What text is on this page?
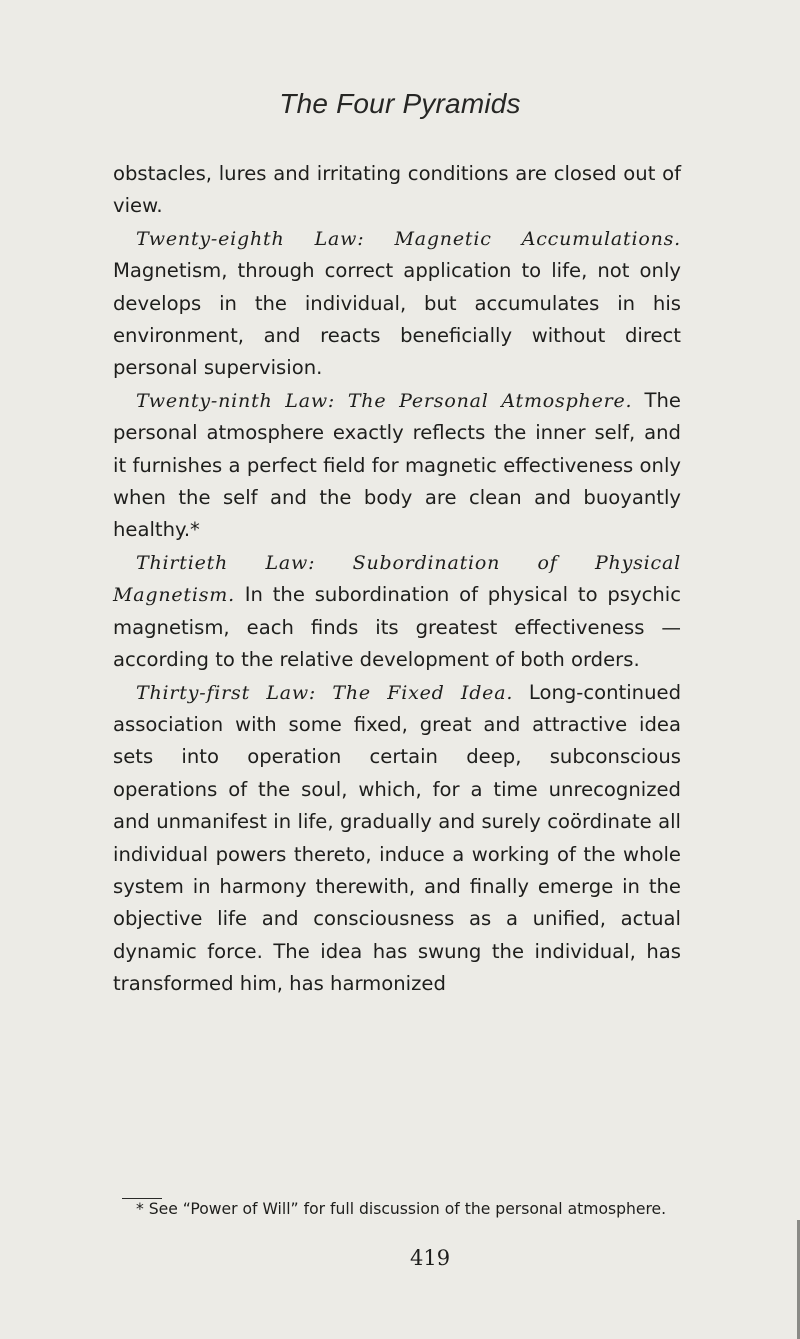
The Four Pyramids

obstacles, lures and irritating conditions are closed out of view.

Twenty-eighth Law: Magnetic Accumulations. Magnetism, through correct application to life, not only develops in the individual, but accumulates in his environment, and reacts beneficially without direct personal supervision.

Twenty-ninth Law: The Personal Atmosphere. The personal atmosphere exactly reflects the inner self, and it furnishes a perfect field for magnetic effectiveness only when the self and the body are clean and buoyantly healthy.*

Thirtieth Law: Subordination of Physical Magnetism. In the subordination of physical to psychic magnetism, each finds its greatest effectiveness — according to the relative development of both orders.

Thirty-first Law: The Fixed Idea. Long-continued association with some fixed, great and attractive idea sets into operation certain deep, subconscious operations of the soul, which, for a time unrecognized and unmanifest in life, gradually and surely coördinate all individual powers thereto, induce a working of the whole system in harmony therewith, and finally emerge in the objective life and consciousness as a unified, actual dynamic force. The idea has swung the individual, has transformed him, has harmonized

* See “Power of Will” for full discussion of the personal atmosphere.
419
